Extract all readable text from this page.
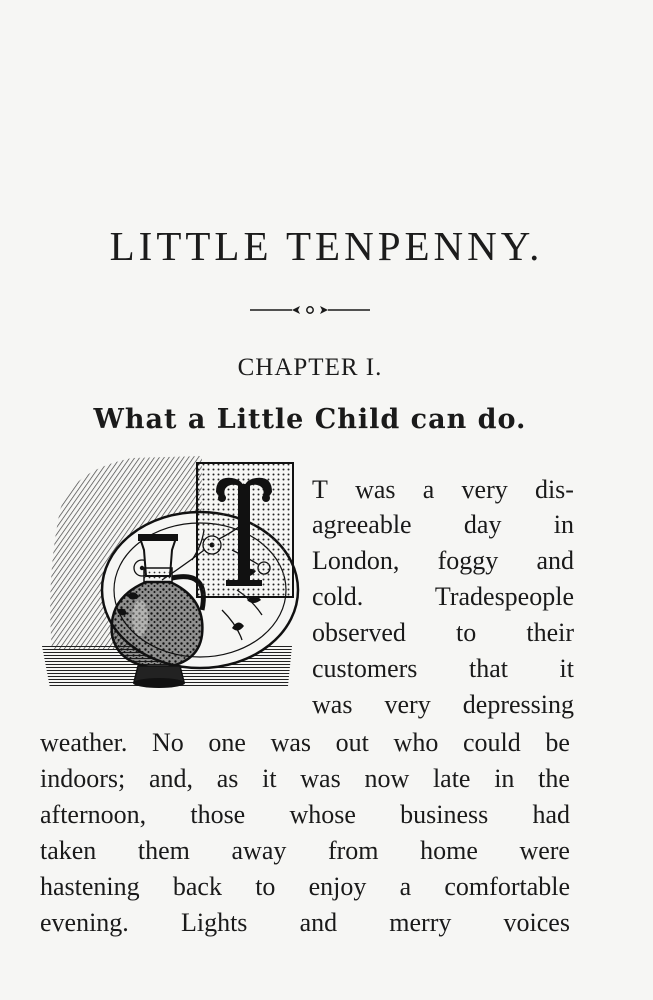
LITTLE TENPENNY.
CHAPTER I.
What a Little Child can do.
T was a very dis-
agreeable day in
London, foggy and
cold.	Tradespeople
observed to their
customers that it
was very depressing
weather. No one was out who could be
indoors; and, as it was now late in the
afternoon, those whose business had
taken them away from home were
hastening back to enjoy a comfortable
evening. Lights and merry voices
